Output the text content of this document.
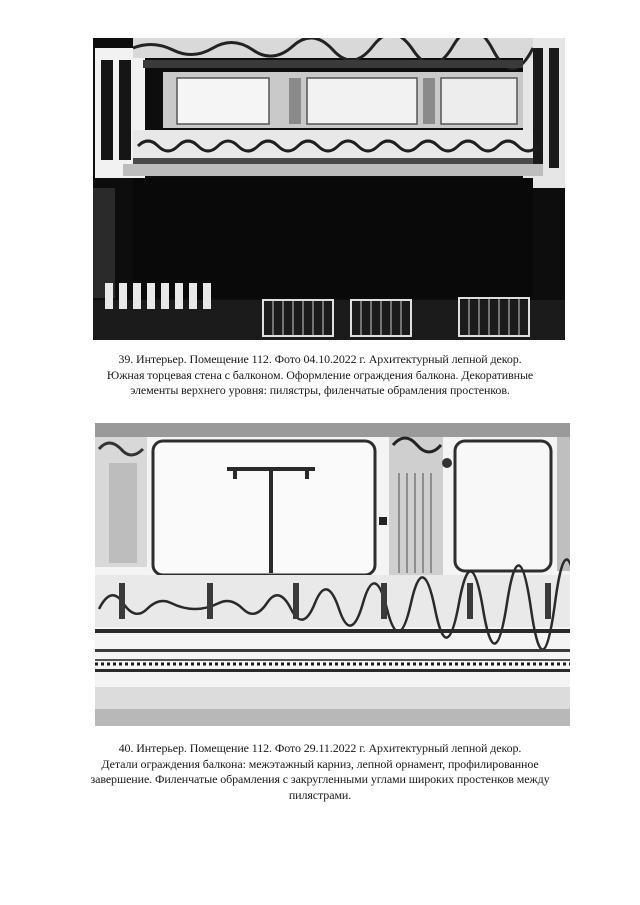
39. Интерьер. Помещение 112. Фото 04.10.2022 г. Архитектурный лепной декор.
Южная торцевая стена с балконом. Оформление ограждения балкона. Декоративные
элементы верхнего уровня: пилястры, филенчатые обрамления простенков.
40. Интерьер. Помещение 112. Фото 29.11.2022 г. Архитектурный лепной декор.
Детали ограждения балкона: межэтажный карниз, лепной орнамент, профилированное
завершение. Филенчатые обрамления с закругленными углами широких простенков между
пилястрами.
